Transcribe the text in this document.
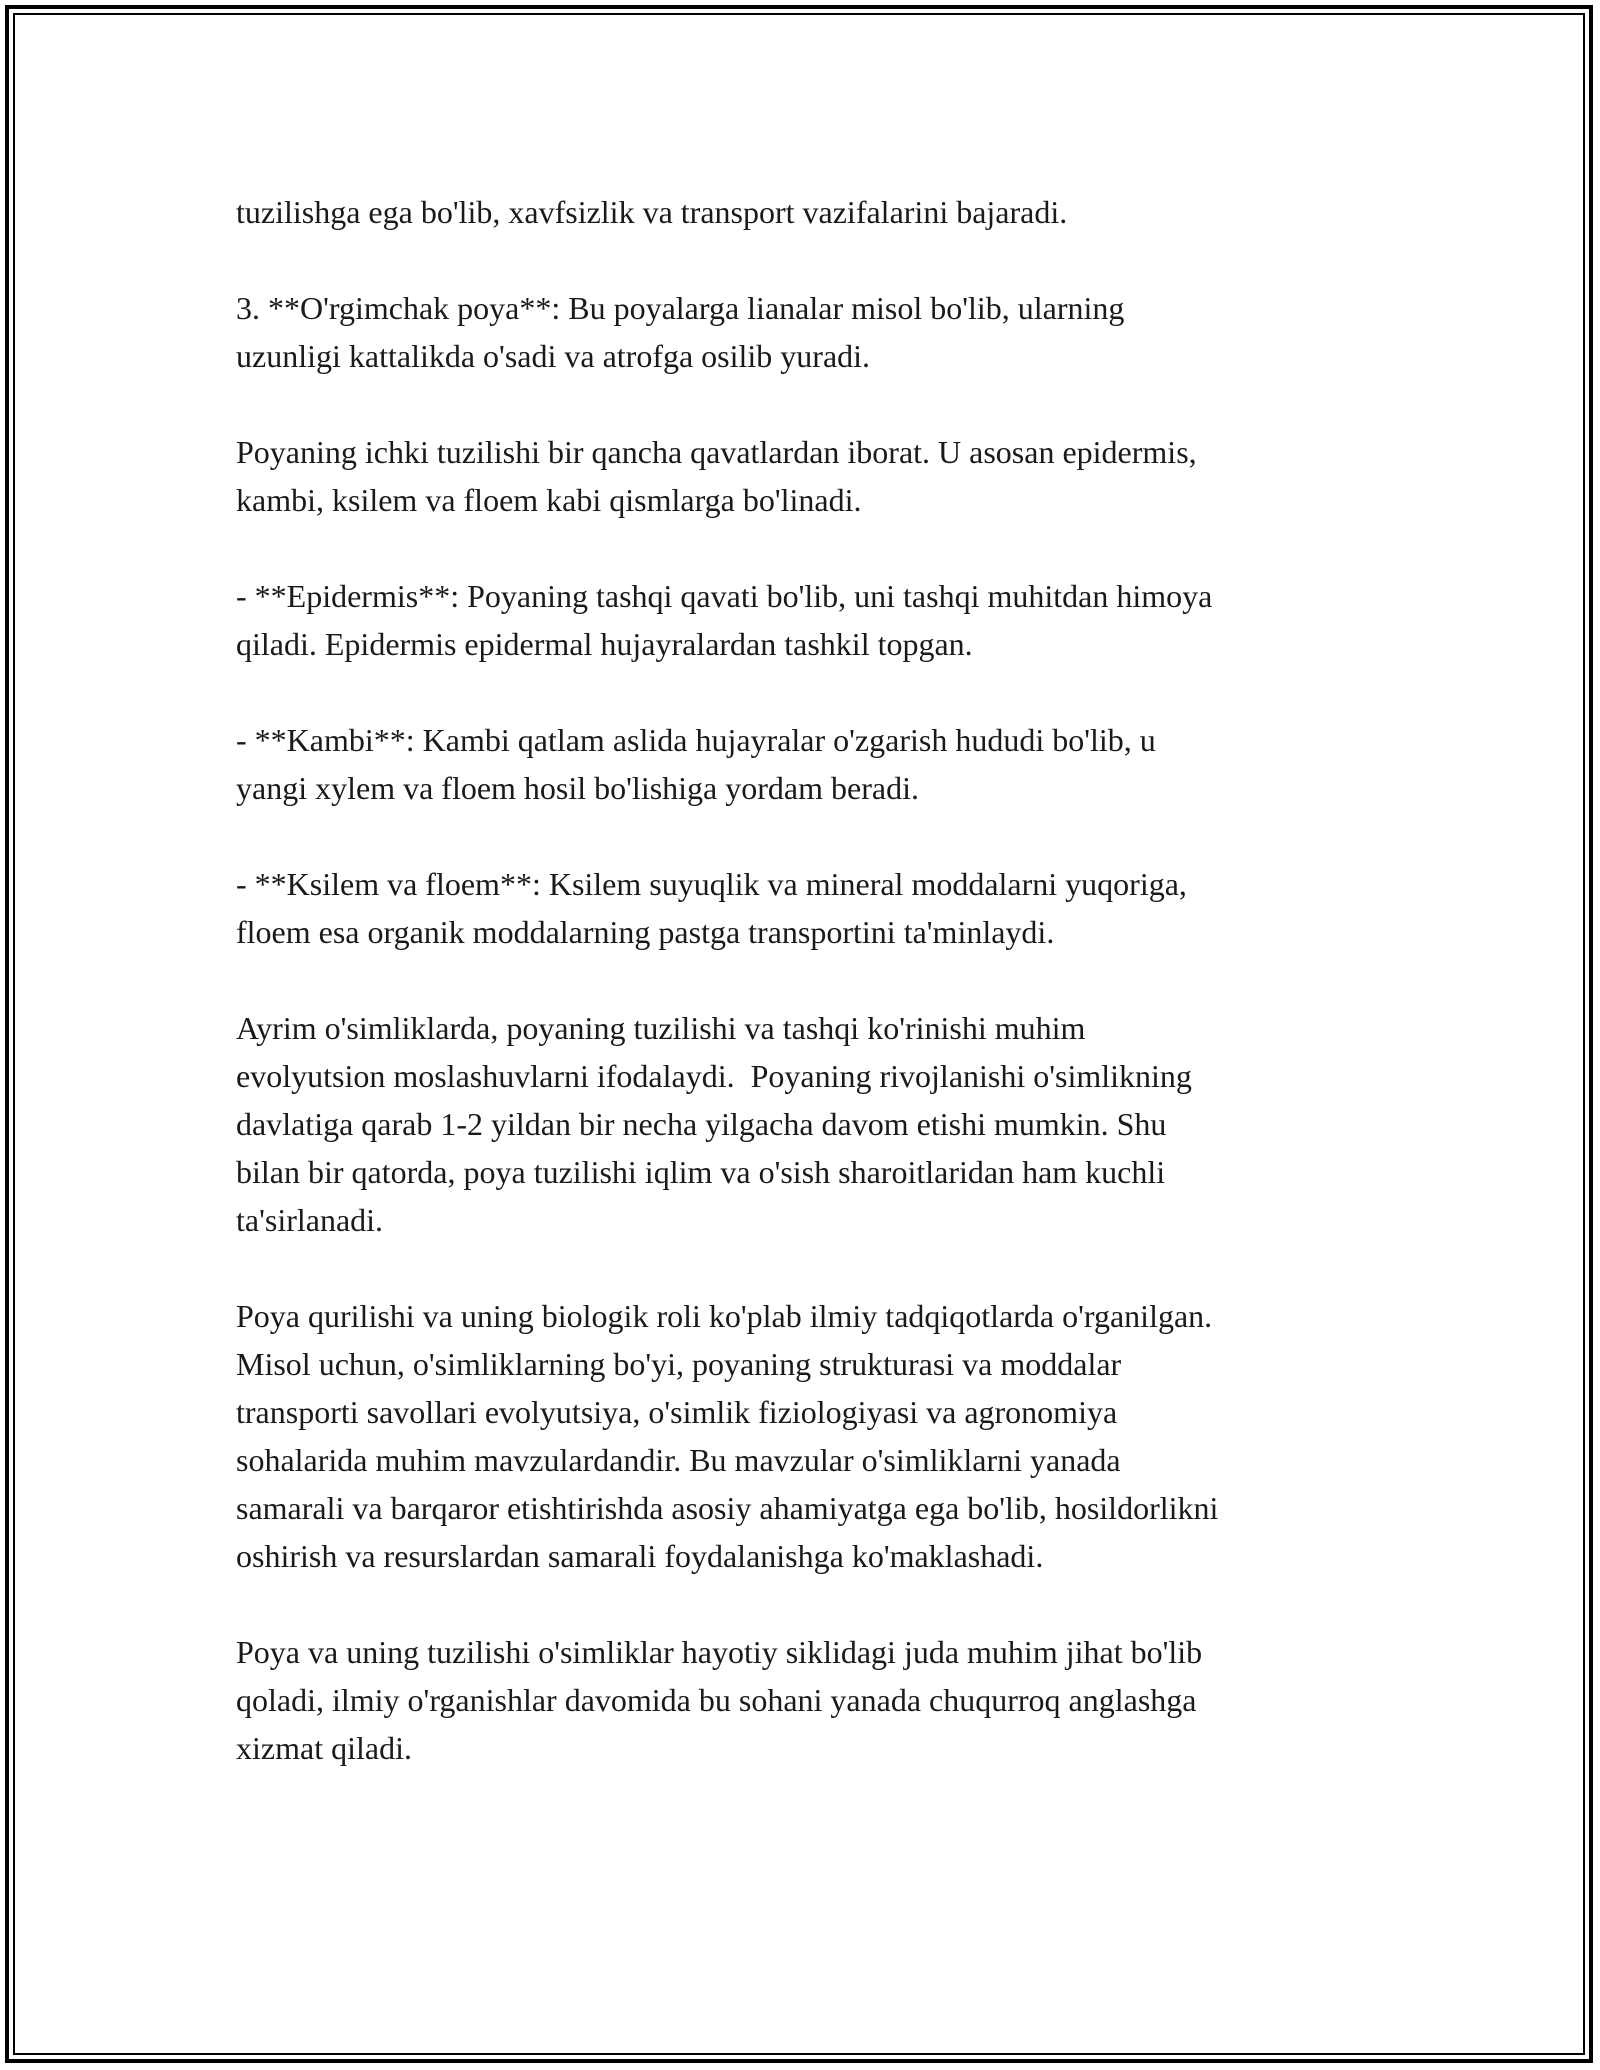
tuzilishga ega bo'lib, xavfsizlik va transport vazifalarini bajaradi.

3. **O'rgimchak poya**: Bu poyalarga lianalar misol bo'lib, ularning
uzunligi kattalikda o'sadi va atrofga osilib yuradi.

Poyaning ichki tuzilishi bir qancha qavatlardan iborat. U asosan epidermis,
kambi, ksilem va floem kabi qismlarga bo'linadi.

- **Epidermis**: Poyaning tashqi qavati bo'lib, uni tashqi muhitdan himoya
qiladi. Epidermis epidermal hujayralardan tashkil topgan.

- **Kambi**: Kambi qatlam aslida hujayralar o'zgarish hududi bo'lib, u
yangi xylem va floem hosil bo'lishiga yordam beradi.

- **Ksilem va floem**: Ksilem suyuqlik va mineral moddalarni yuqoriga,
floem esa organik moddalarning pastga transportini ta'minlaydi.

Ayrim o'simliklarda, poyaning tuzilishi va tashqi ko'rinishi muhim
evolyutsion moslashuvlarni ifodalaydi.  Poyaning rivojlanishi o'simlikning
davlatiga qarab 1-2 yildan bir necha yilgacha davom etishi mumkin. Shu
bilan bir qatorda, poya tuzilishi iqlim va o'sish sharoitlaridan ham kuchli
ta'sirlanadi.

Poya qurilishi va uning biologik roli ko'plab ilmiy tadqiqotlarda o'rganilgan.
Misol uchun, o'simliklarning bo'yi, poyaning strukturasi va moddalar
transporti savollari evolyutsiya, o'simlik fiziologiyasi va agronomiya
sohalarida muhim mavzulardandir. Bu mavzular o'simliklarni yanada
samarali va barqaror etishtirishda asosiy ahamiyatga ega bo'lib, hosildorlikni
oshirish va resurslardan samarali foydalanishga ko'maklashadi.

Poya va uning tuzilishi o'simliklar hayotiy siklidagi juda muhim jihat bo'lib
qoladi, ilmiy o'rganishlar davomida bu sohani yanada chuqurroq anglashga
xizmat qiladi.
